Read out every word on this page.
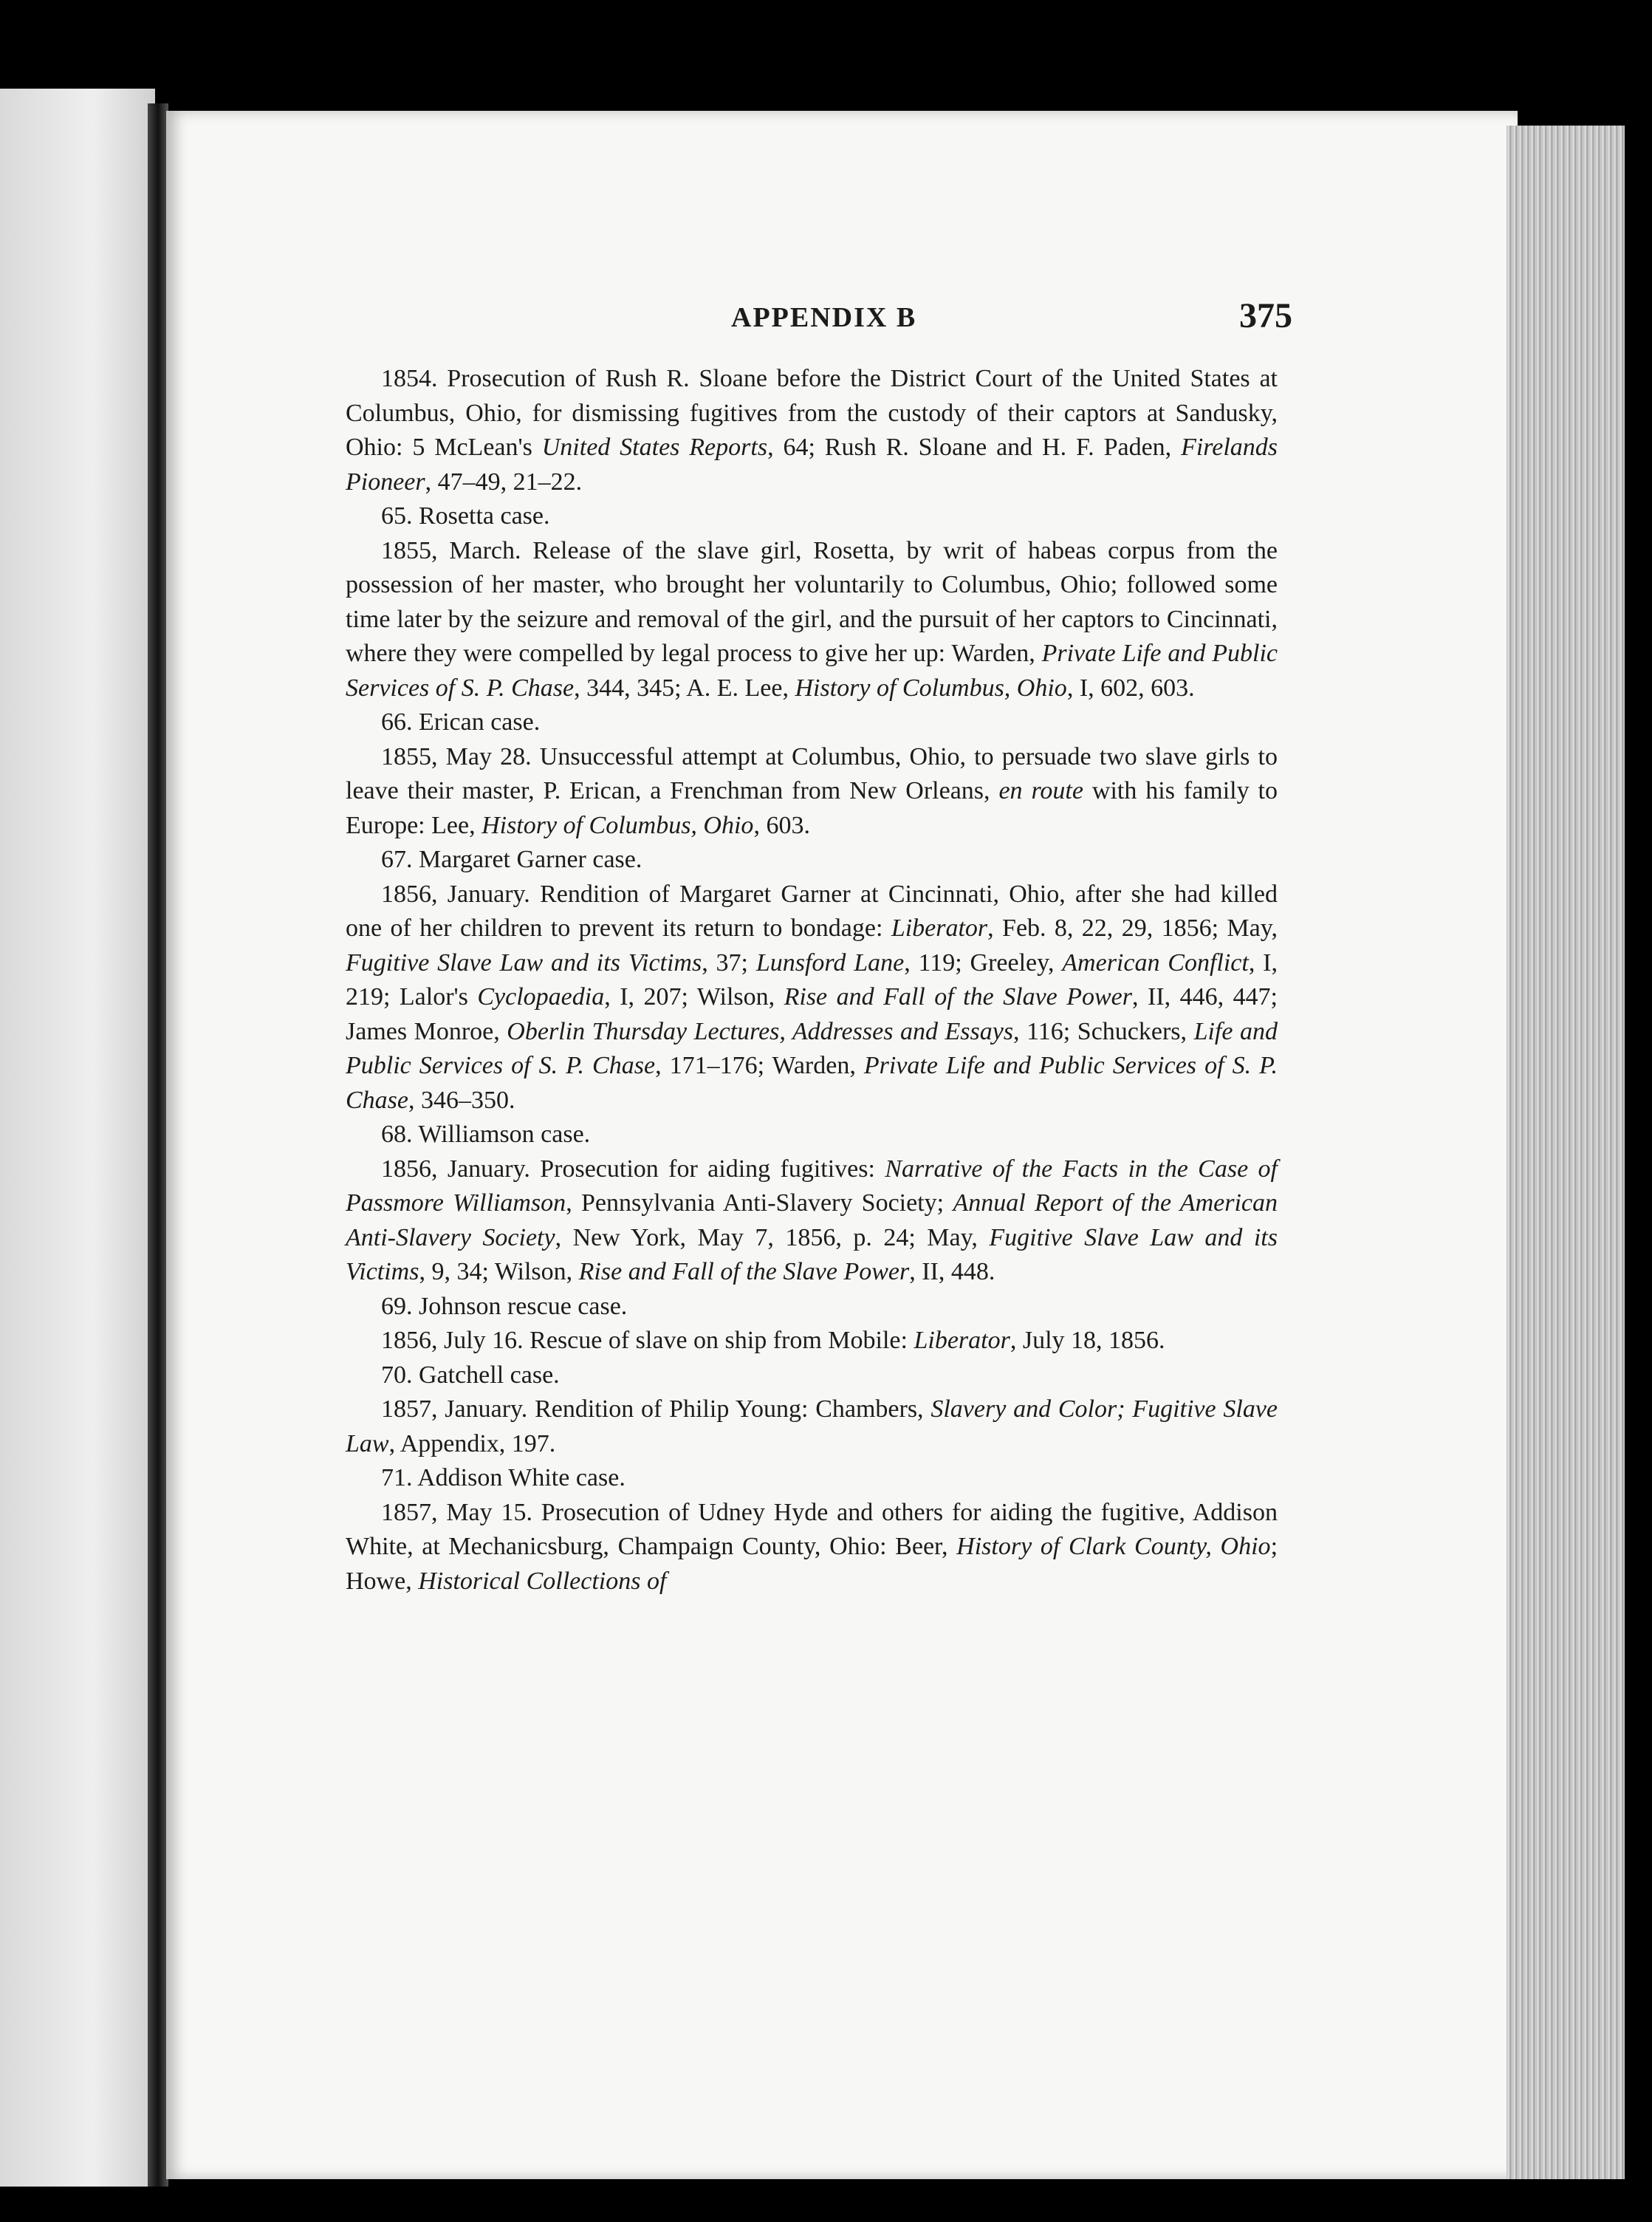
APPENDIX B	375

1854. Prosecution of Rush R. Sloane before the District Court of the United States at Columbus, Ohio, for dismissing fugitives from the custody of their captors at Sandusky, Ohio: 5 McLean's United States Reports, 64; Rush R. Sloane and H. F. Paden, Firelands Pioneer, 47–49, 21–22.

65. Rosetta case.

1855, March. Release of the slave girl, Rosetta, by writ of habeas corpus from the possession of her master, who brought her voluntarily to Columbus, Ohio; followed some time later by the seizure and removal of the girl, and the pursuit of her captors to Cincinnati, where they were compelled by legal process to give her up: Warden, Private Life and Public Services of S. P. Chase, 344, 345; A. E. Lee, History of Columbus, Ohio, I, 602, 603.

66. Erican case.

1855, May 28. Unsuccessful attempt at Columbus, Ohio, to persuade two slave girls to leave their master, P. Erican, a Frenchman from New Orleans, en route with his family to Europe: Lee, History of Columbus, Ohio, 603.

67. Margaret Garner case.

1856, January. Rendition of Margaret Garner at Cincinnati, Ohio, after she had killed one of her children to prevent its return to bondage: Liberator, Feb. 8, 22, 29, 1856; May, Fugitive Slave Law and its Victims, 37; Lunsford Lane, 119; Greeley, American Conflict, I, 219; Lalor's Cyclopaedia, I, 207; Wilson, Rise and Fall of the Slave Power, II, 446, 447; James Monroe, Oberlin Thursday Lectures, Addresses and Essays, 116; Schuckers, Life and Public Services of S. P. Chase, 171–176; Warden, Private Life and Public Services of S. P. Chase, 346–350.

68. Williamson case.

1856, January. Prosecution for aiding fugitives: Narrative of the Facts in the Case of Passmore Williamson, Pennsylvania Anti-Slavery Society; Annual Report of the American Anti-Slavery Society, New York, May 7, 1856, p. 24; May, Fugitive Slave Law and its Victims, 9, 34; Wilson, Rise and Fall of the Slave Power, II, 448.

69. Johnson rescue case.

1856, July 16. Rescue of slave on ship from Mobile: Liberator, July 18, 1856.

70. Gatchell case.

1857, January. Rendition of Philip Young: Chambers, Slavery and Color; Fugitive Slave Law, Appendix, 197.

71. Addison White case.

1857, May 15. Prosecution of Udney Hyde and others for aiding the fugitive, Addison White, at Mechanicsburg, Champaign County, Ohio: Beer, History of Clark County, Ohio; Howe, Historical Collections of
